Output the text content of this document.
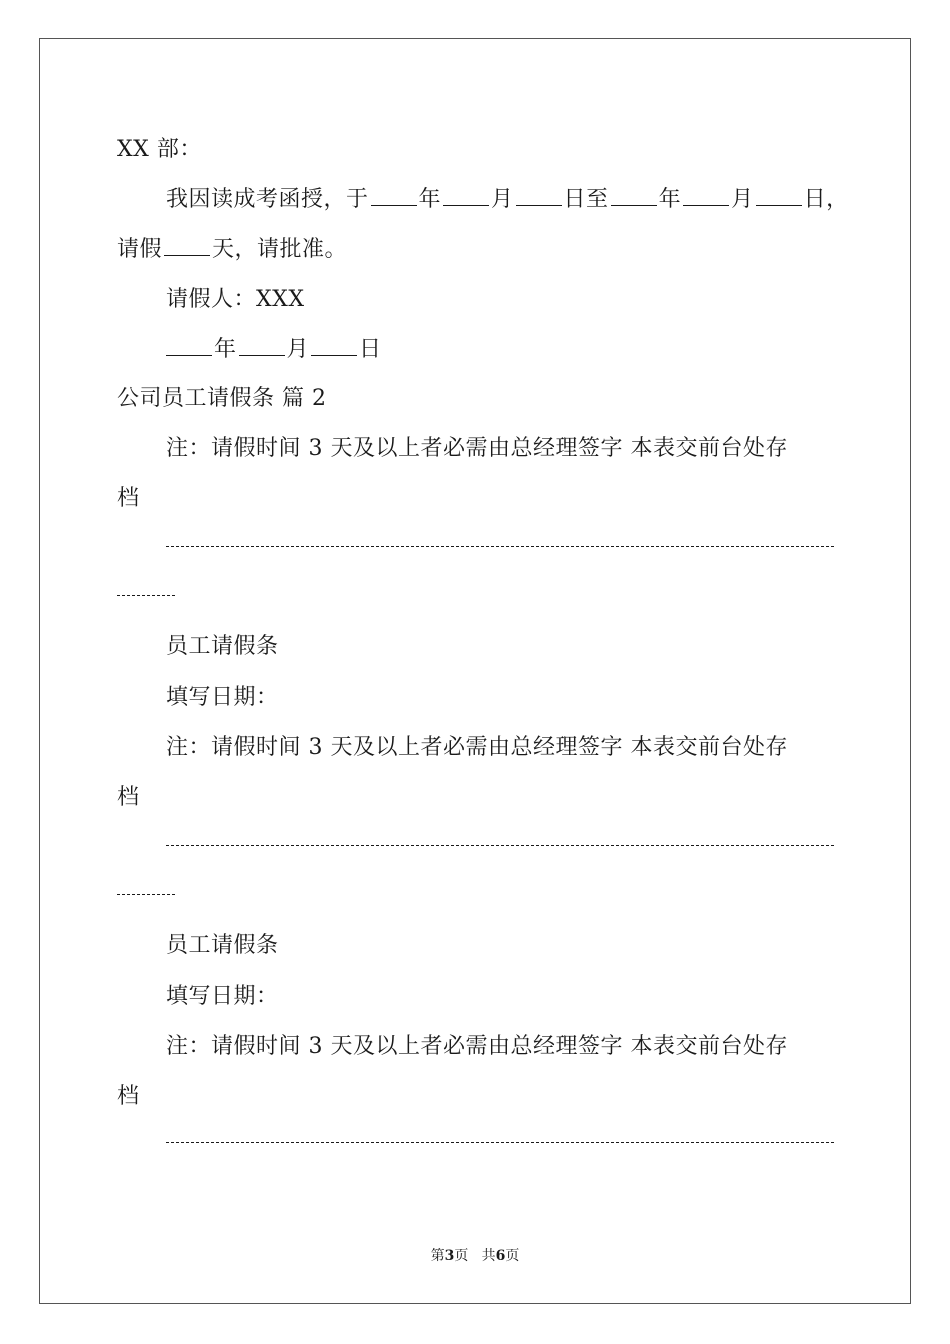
XX 部：
我因读成考函授，于 年 月 日至 年 月 日，
请假 天，请批准。
请假人：XXX
年 月 日
公司员工请假条 篇 2
注：请假时间 3 天及以上者必需由总经理签字 本表交前台处存
档
员工请假条
填写日期：
注：请假时间 3 天及以上者必需由总经理签字 本表交前台处存
档
员工请假条
填写日期：
注：请假时间 3 天及以上者必需由总经理签字 本表交前台处存
档
第3页 共6页
